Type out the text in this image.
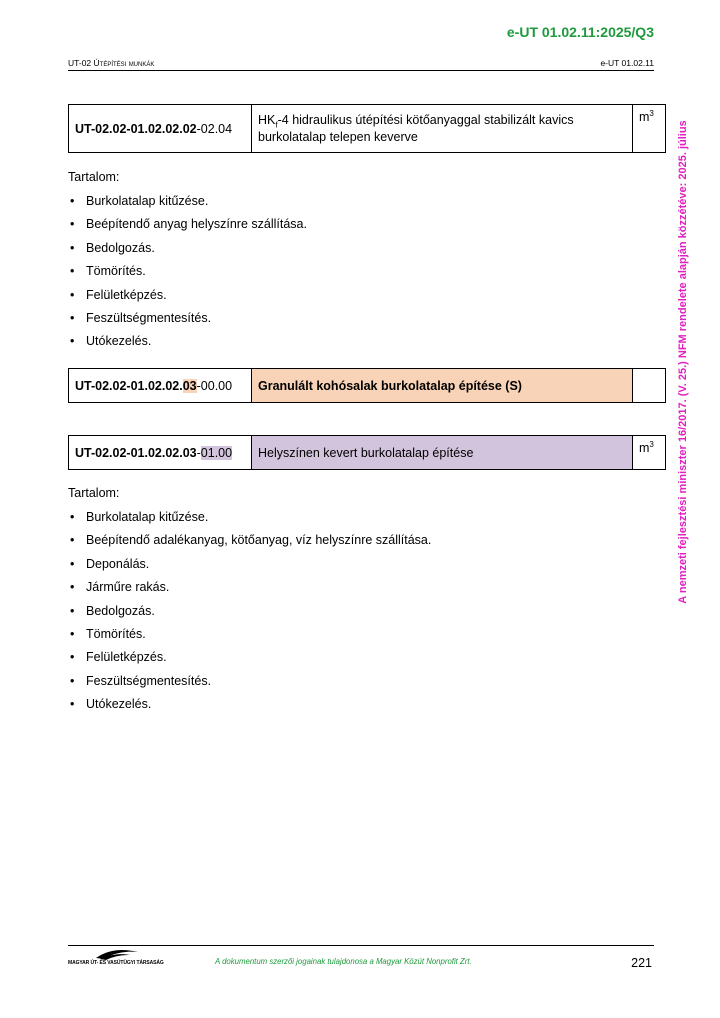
e-UT 01.02.11:2025/Q3
UT-02 Útépítési munkák	e-UT 01.02.11
A nemzeti fejlesztési miniszter 16/2017. (V. 25.) NFM rendelete alapján közzétéve: 2025. július
UT-02.02-01.02.02.02-02.04	$HK_f-4$ hidraulikus útépítési kötőanyaggal stabilizált kavics burkolatalap telepen keverve	$m^3$
Tartalom:
• Burkolatalap kitűzése.
• Beépítendő anyag helyszínre szállítása.
• Bedolgozás.
• Tömörítés.
• Felületképzés.
• Feszültségmentesítés.
• Utókezelés.
UT-02.02-01.02.02.03-00.00	Granulált kohósalak burkolatalap építése (S)	
UT-02.02-01.02.02.03-01.00	Helyszínen kevert burkolatalap építése	$m^3$
Tartalom:
• Burkolatalap kitűzése.
• Beépítendő adalékanyag, kötőanyag, víz helyszínre szállítása.
• Deponálás.
• Járműre rakás.
• Bedolgozás.
• Tömörítés.
• Felületképzés.
• Feszültségmentesítés.
• Utókezelés.
MAGYAR ÚT- ÉS VASÚTÜGYI TÁRSASÁG	A dokumentum szerzői jogainak tulajdonosa a Magyar Közút Nonprofit Zrt.	221
